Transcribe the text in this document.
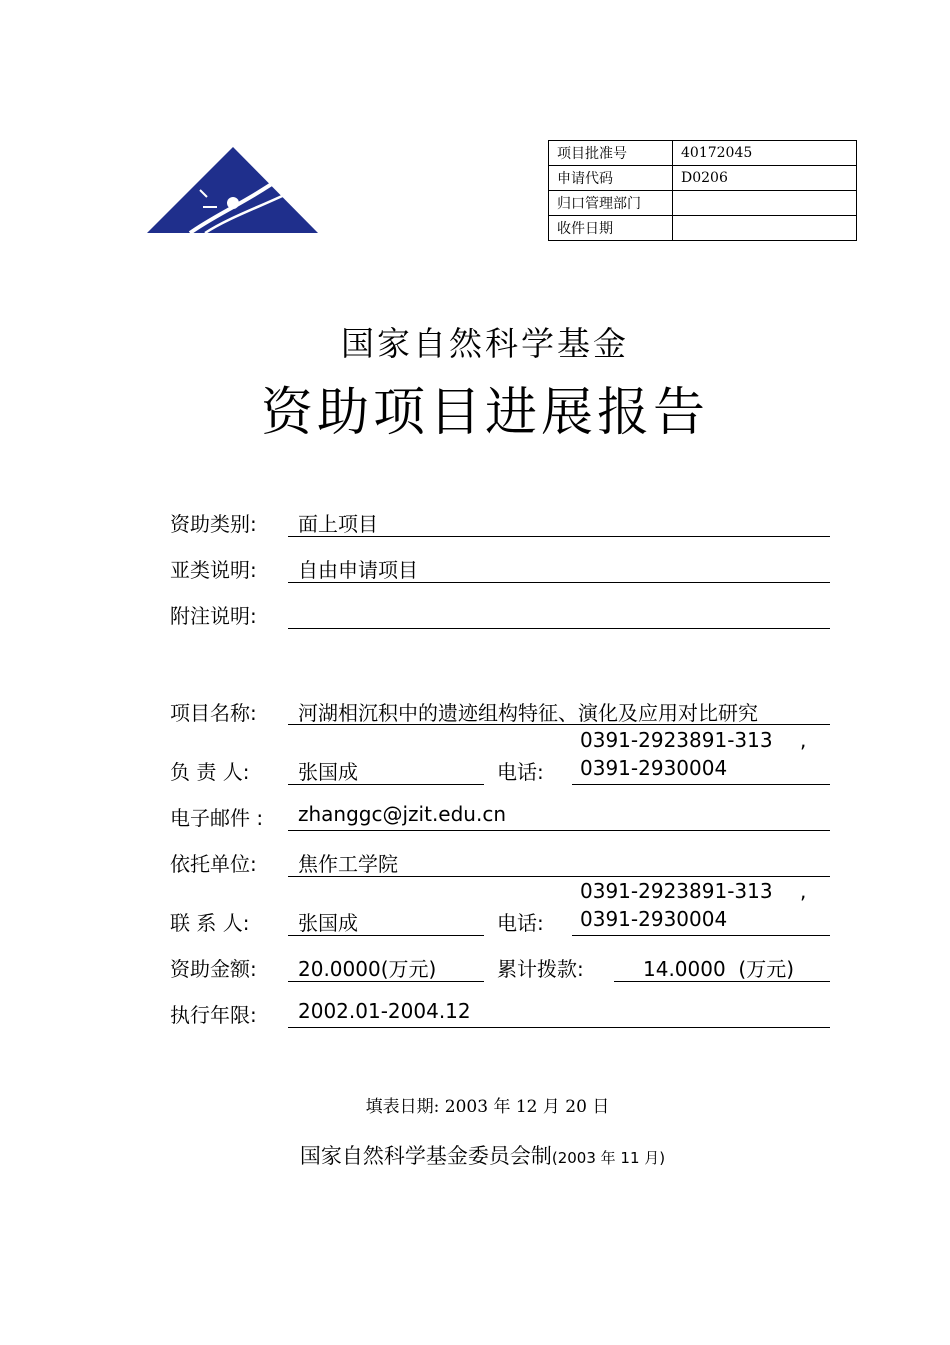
项目批准号	40172045
申请代码	D0206
归口管理部门	
收件日期	
国家自然科学基金
资助项目进展报告
资助类别: 面上项目
亚类说明: 自由申请项目
附注说明:
项目名称: 河湖相沉积中的遗迹组构特征、演化及应用对比研究
负 责 人: 张国成	电话:
0391-2923891-313 ,
0391-2930004
电子邮件 : zhanggc@jzit.edu.cn
依托单位: 焦作工学院
联 系 人: 张国成	电话:
0391-2923891-313 ,
0391-2930004
资助金额: 20.0000(万元)	累计拨款:	14.0000  (万元)
执行年限: 2002.01-2004.12
填表日期: 2003 年 12 月 20 日
国家自然科学基金委员会制(2003 年 11 月)
